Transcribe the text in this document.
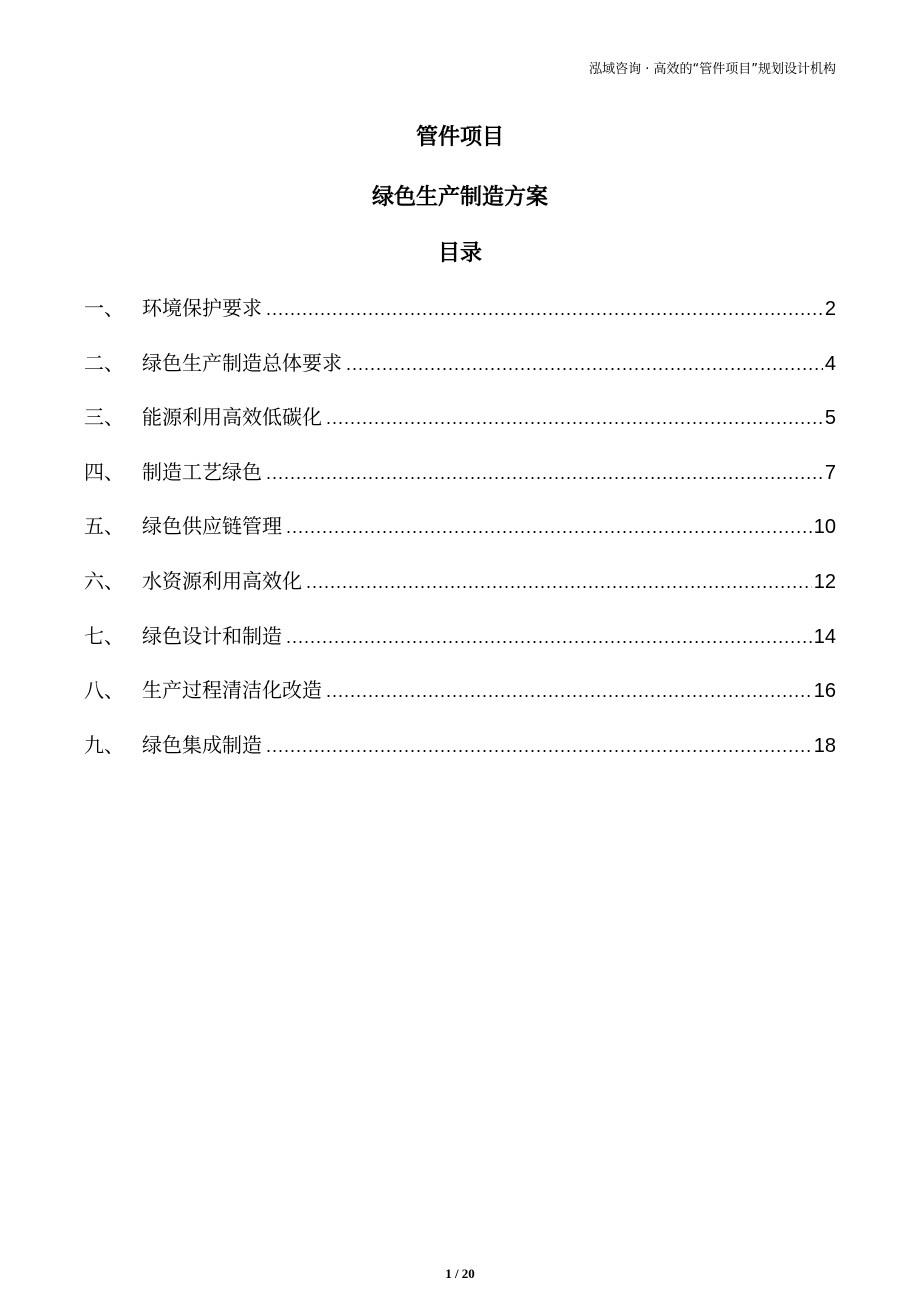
泓域咨询 · 高效的“管件项目”规划设计机构
管件项目
绿色生产制造方案
目录
一、 环境保护要求 .....	2
二、 绿色生产制造总体要求 .....	4
三、 能源利用高效低碳化 .....	5
四、 制造工艺绿色 .....	7
五、 绿色供应链管理 .....	10
六、 水资源利用高效化 .....	12
七、 绿色设计和制造 .....	14
八、 生产过程清洁化改造 .....	16
九、 绿色集成制造 .....	18
1 / 20
